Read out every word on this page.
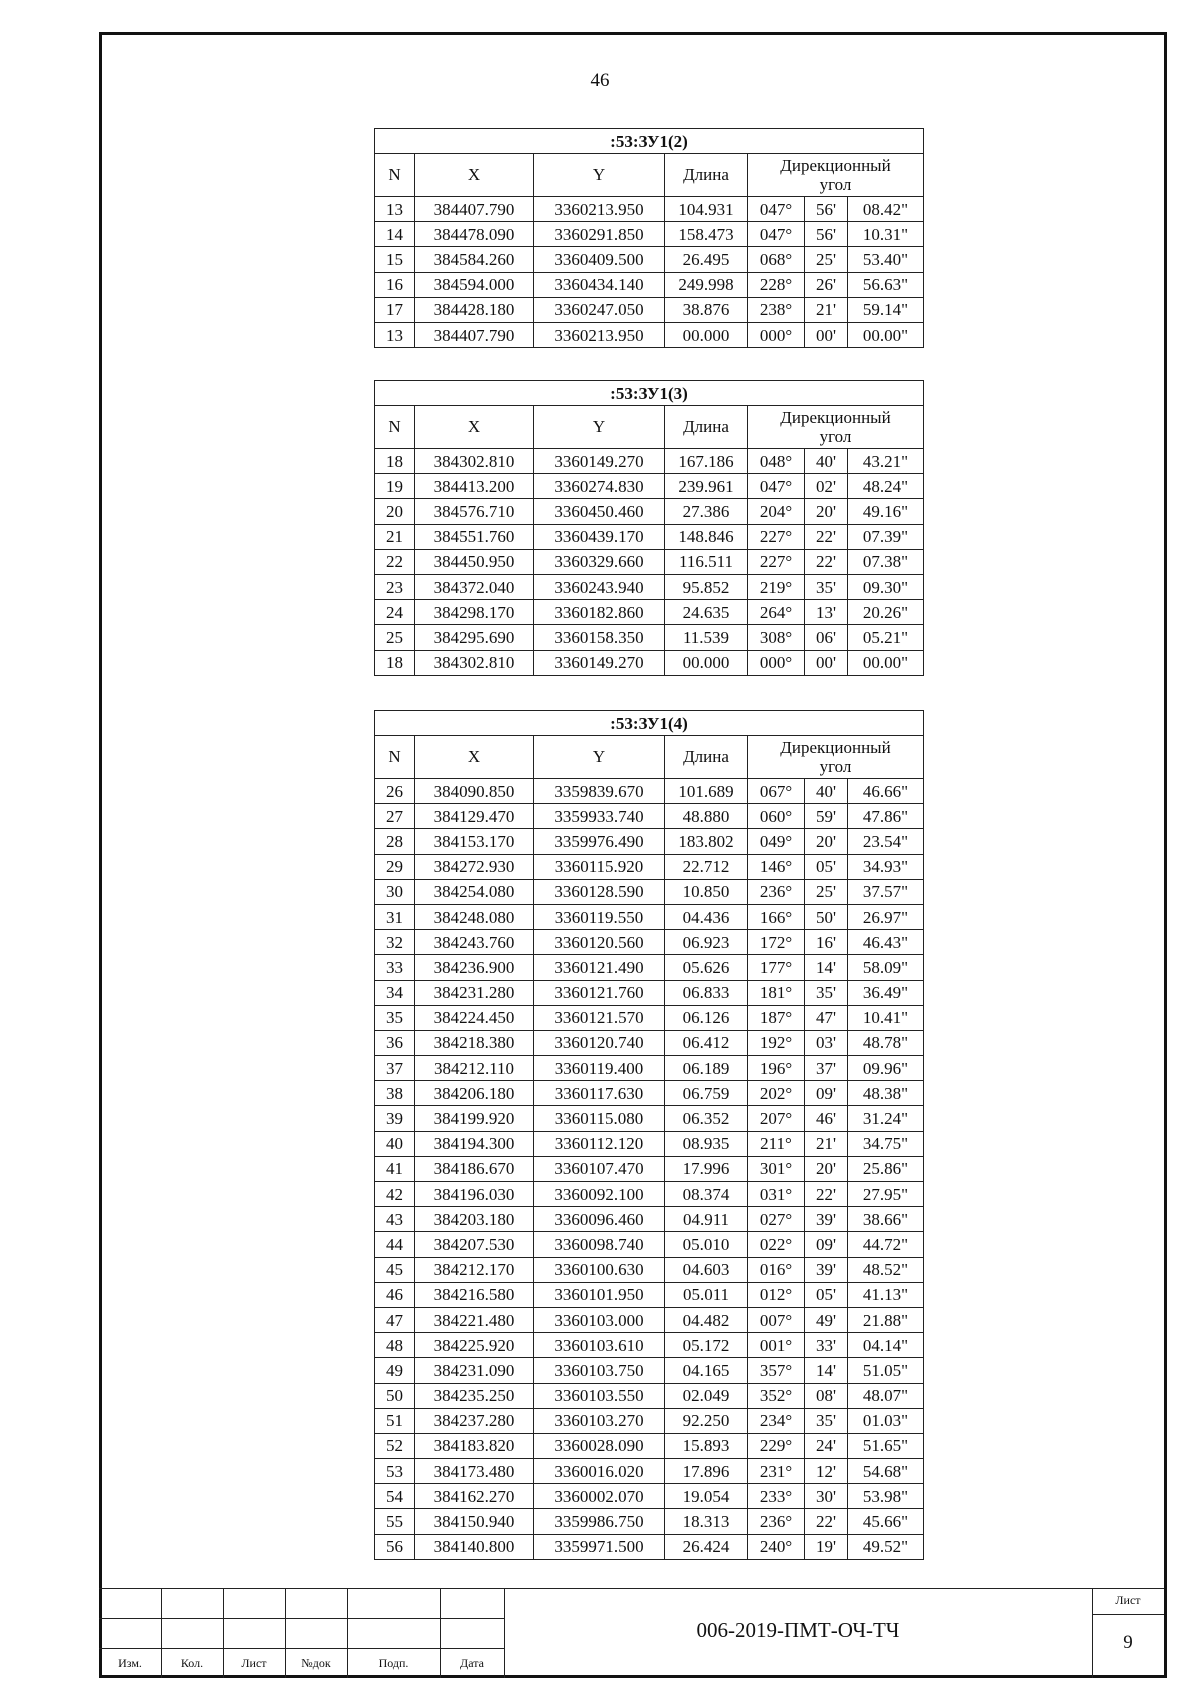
46
:53:ЗУ1(2)						
N	X	Y	Длина	Дирекционный
угол		

13	384407.790	3360213.950	104.931	047°	56'	08.42"
14	384478.090	3360291.850	158.473	047°	56'	10.31"
15	384584.260	3360409.500	26.495	068°	25'	53.40"
16	384594.000	3360434.140	249.998	228°	26'	56.63"
17	384428.180	3360247.050	38.876	238°	21'	59.14"
13	384407.790	3360213.950	00.000	000°	00'	00.00"
:53:ЗУ1(3)						
N	X	Y	Длина	Дирекционный
угол		

18	384302.810	3360149.270	167.186	048°	40'	43.21"
19	384413.200	3360274.830	239.961	047°	02'	48.24"
20	384576.710	3360450.460	27.386	204°	20'	49.16"
21	384551.760	3360439.170	148.846	227°	22'	07.39"
22	384450.950	3360329.660	116.511	227°	22'	07.38"
23	384372.040	3360243.940	95.852	219°	35'	09.30"
24	384298.170	3360182.860	24.635	264°	13'	20.26"
25	384295.690	3360158.350	11.539	308°	06'	05.21"
18	384302.810	3360149.270	00.000	000°	00'	00.00"
:53:ЗУ1(4)						
N	X	Y	Длина	Дирекционный
угол		

26	384090.850	3359839.670	101.689	067°	40'	46.66"
27	384129.470	3359933.740	48.880	060°	59'	47.86"
28	384153.170	3359976.490	183.802	049°	20'	23.54"
29	384272.930	3360115.920	22.712	146°	05'	34.93"
30	384254.080	3360128.590	10.850	236°	25'	37.57"
31	384248.080	3360119.550	04.436	166°	50'	26.97"
32	384243.760	3360120.560	06.923	172°	16'	46.43"
33	384236.900	3360121.490	05.626	177°	14'	58.09"
34	384231.280	3360121.760	06.833	181°	35'	36.49"
35	384224.450	3360121.570	06.126	187°	47'	10.41"
36	384218.380	3360120.740	06.412	192°	03'	48.78"
37	384212.110	3360119.400	06.189	196°	37'	09.96"
38	384206.180	3360117.630	06.759	202°	09'	48.38"
39	384199.920	3360115.080	06.352	207°	46'	31.24"
40	384194.300	3360112.120	08.935	211°	21'	34.75"
41	384186.670	3360107.470	17.996	301°	20'	25.86"
42	384196.030	3360092.100	08.374	031°	22'	27.95"
43	384203.180	3360096.460	04.911	027°	39'	38.66"
44	384207.530	3360098.740	05.010	022°	09'	44.72"
45	384212.170	3360100.630	04.603	016°	39'	48.52"
46	384216.580	3360101.950	05.011	012°	05'	41.13"
47	384221.480	3360103.000	04.482	007°	49'	21.88"
48	384225.920	3360103.610	05.172	001°	33'	04.14"
49	384231.090	3360103.750	04.165	357°	14'	51.05"
50	384235.250	3360103.550	02.049	352°	08'	48.07"
51	384237.280	3360103.270	92.250	234°	35'	01.03"
52	384183.820	3360028.090	15.893	229°	24'	51.65"
53	384173.480	3360016.020	17.896	231°	12'	54.68"
54	384162.270	3360002.070	19.054	233°	30'	53.98"
55	384150.940	3359986.750	18.313	236°	22'	45.66"
56	384140.800	3359971.500	26.424	240°	19'	49.52"
Изм.	Кол.	Лист	№док	Подп.	Дата
006-2019-ПМТ-ОЧ-ТЧ
Лист
9
